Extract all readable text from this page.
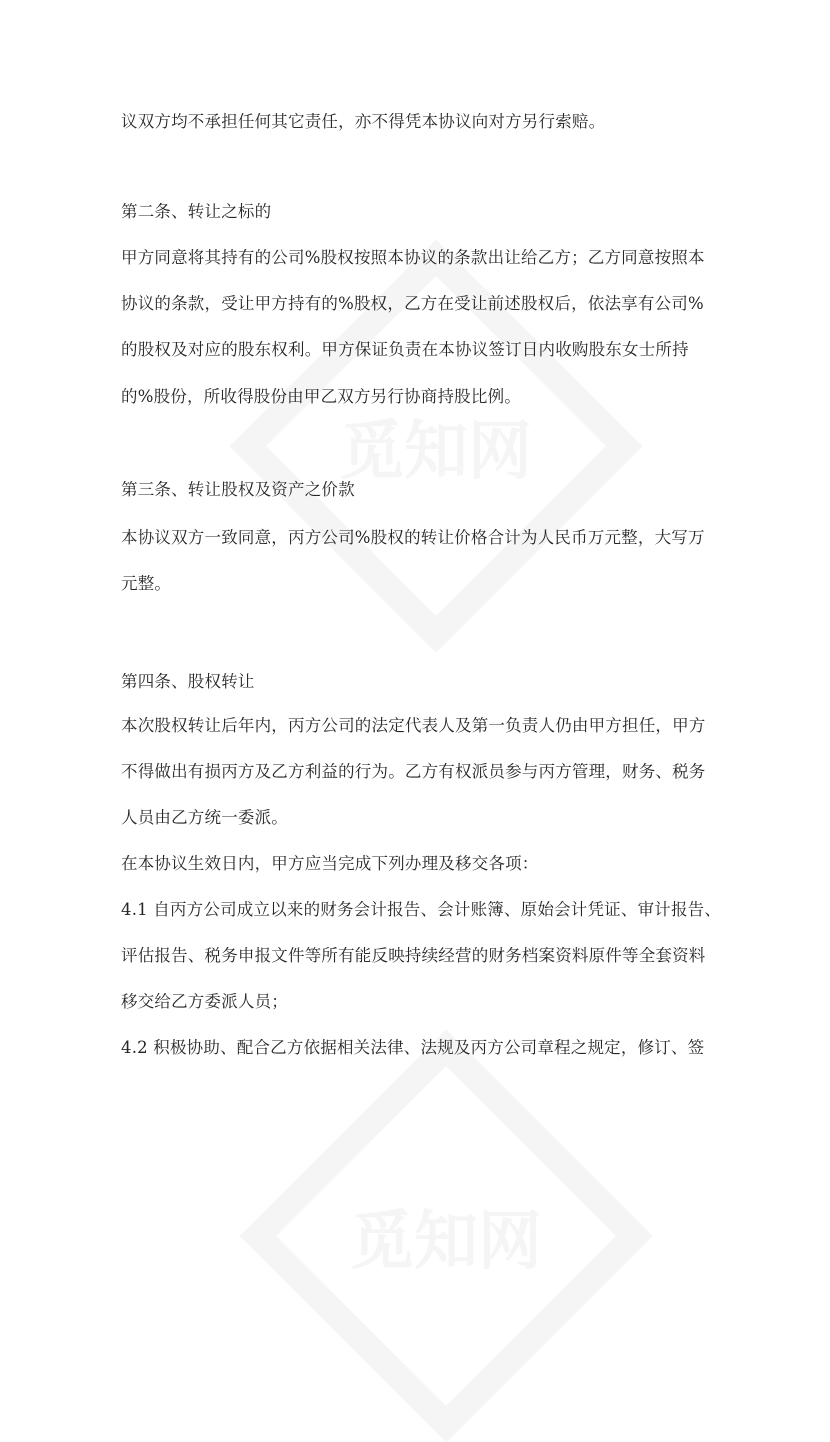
觅知网
觅知网
议双方均不承担任何其它责任，亦不得凭本协议向对方另行索赔。
第二条、转让之标的
甲方同意将其持有的公司%股权按照本协议的条款出让给乙方；乙方同意按照本
协议的条款，受让甲方持有的%股权，乙方在受让前述股权后，依法享有公司%
的股权及对应的股东权利。甲方保证负责在本协议签订日内收购股东女士所持
的%股份，所收得股份由甲乙双方另行协商持股比例。
第三条、转让股权及资产之价款
本协议双方一致同意，丙方公司%股权的转让价格合计为人民币万元整，大写万
元整。
第四条、股权转让
本次股权转让后年内，丙方公司的法定代表人及第一负责人仍由甲方担任，甲方
不得做出有损丙方及乙方利益的行为。乙方有权派员参与丙方管理，财务、税务
人员由乙方统一委派。
在本协议生效日内，甲方应当完成下列办理及移交各项：
4.1 自丙方公司成立以来的财务会计报告、会计账簿、原始会计凭证、审计报告、
评估报告、税务申报文件等所有能反映持续经营的财务档案资料原件等全套资料
移交给乙方委派人员；
4.2 积极协助、配合乙方依据相关法律、法规及丙方公司章程之规定，修订、签
